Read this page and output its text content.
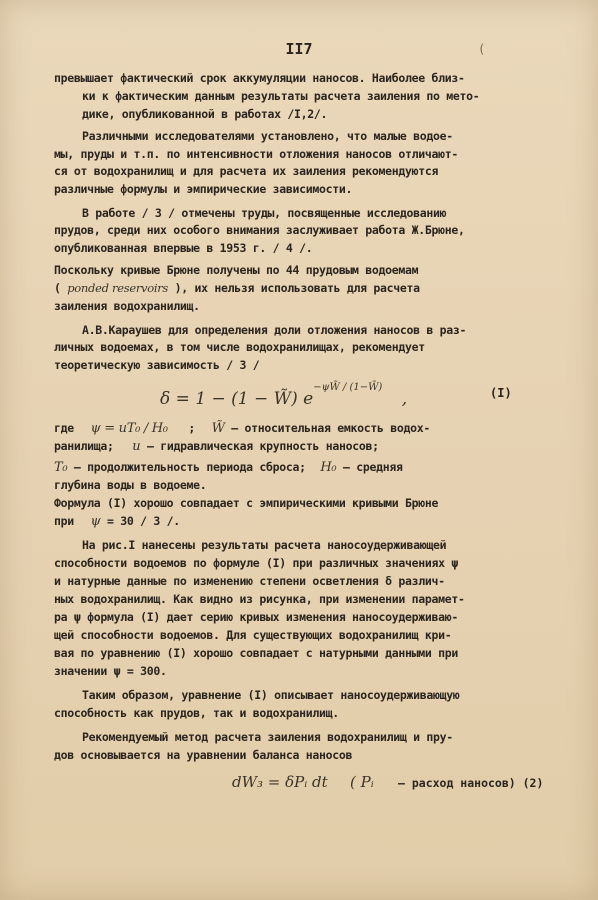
II7	(
превышает фактический срок аккумуляции наносов. Наиболее близ-
ки к фактическим данным результаты расчета заиления по мето-
дике, опубликованной в работах /I,2/.
Различными исследователями установлено, что малые водое-
мы, пруды и т.п. по интенсивности отложения наносов отличают-
ся от водохранилищ и для расчета их заиления рекомендуются
различные формулы и эмпирические зависимости.
В работе / 3 / отмечены труды, посвященные исследованию
прудов, среди них особого внимания заслуживает работа Ж.Брюне,
опубликованная впервые в 1953 г. / 4 /.
Поскольку кривые Брюне получены по 44 прудовым водоемам
( ponded reservoirs ), их нельзя использовать для расчета
заиления водохранилищ.
А.В.Караушев для определения доли отложения наносов в раз-
личных водоемах, в том числе водохранилищах, рекомендует
теоретическую зависимость / 3 /
δ = 1 − (1 − W̃) $e^{-\psi W̃ / (1-W̃)}$ ,	(I)
где ψ = uT₀ / H₀ ; W̃ – относительная емкость водох-
ранилища; u – гидравлическая крупность наносов;
T₀ – продолжительность периода сброса; H₀ – средняя
глубина воды в водоеме.
Формула (I) хорошо совпадает с эмпирическими кривыми Брюне
при ψ = 30 / 3 /.
На рис.I нанесены результаты расчета наносоудерживающей
способности водоемов по формуле (I) при различных значениях ψ
и натурные данные по изменению степени осветления δ различ-
ных водохранилищ. Как видно из рисунка, при изменении парамет-
ра ψ формула (I) дает серию кривых изменения наносоудерживаю-
щей способности водоемов. Для существующих водохранилищ кри-
вая по уравнению (I) хорошо совпадает с натурными данными при
значении ψ = 300.
Таким образом, уравнение (I) описывает наносоудерживающую
способность как прудов, так и водохранилищ.
Рекомендуемый метод расчета заиления водохранилищ и пру-
дов основывается на уравнении баланса наносов
dW₃ = δPᵢ dt ( Pᵢ – расход наносов) (2)
